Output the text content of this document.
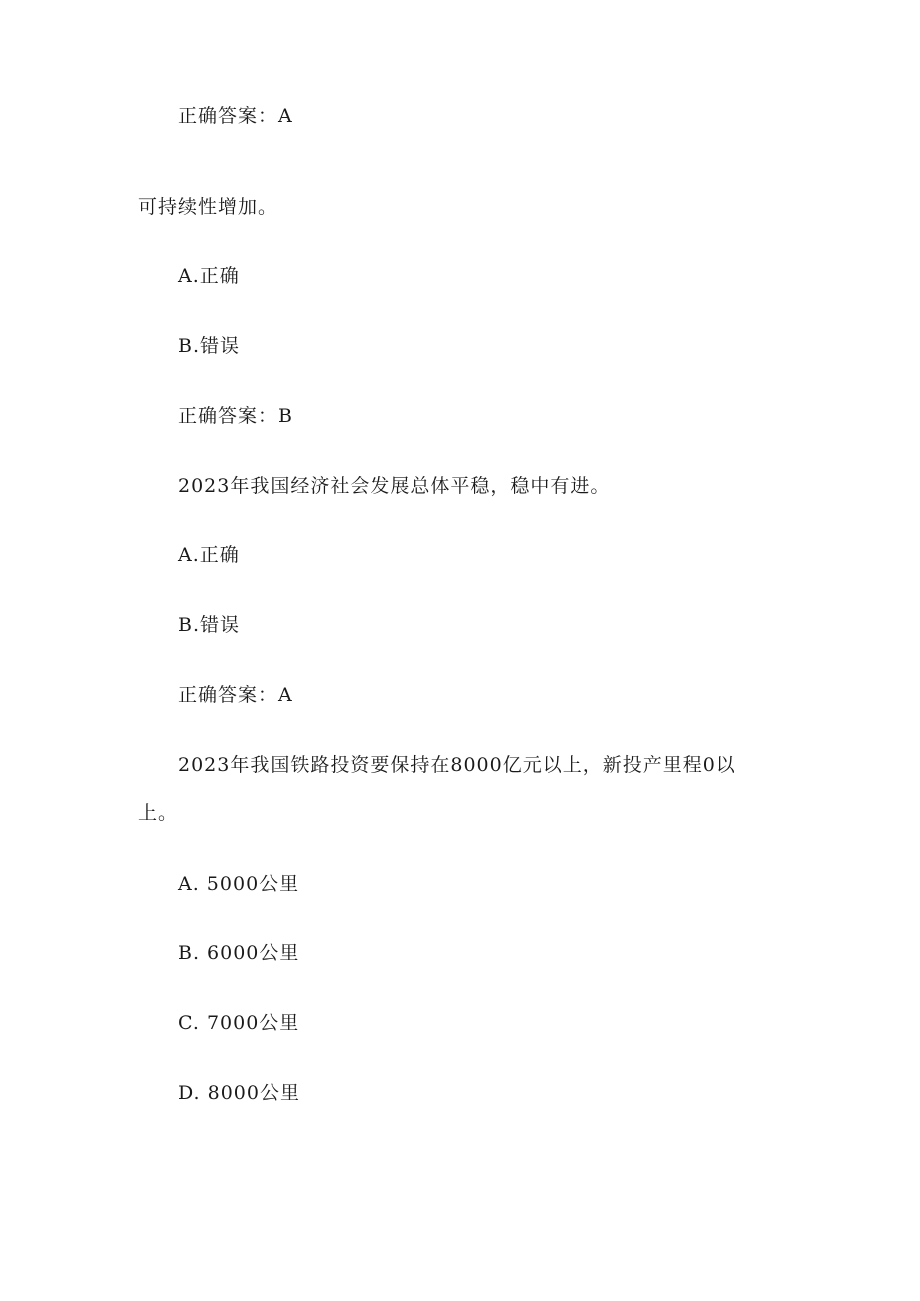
正确答案：A
可持续性增加。
A.正确
B.错误
正确答案：B
2023年我国经济社会发展总体平稳，稳中有进。
A.正确
B.错误
正确答案：A
2023年我国铁路投资要保持在8000亿元以上，新投产里程0以
上。
A. 5000公里
B. 6000公里
C. 7000公里
D. 8000公里
